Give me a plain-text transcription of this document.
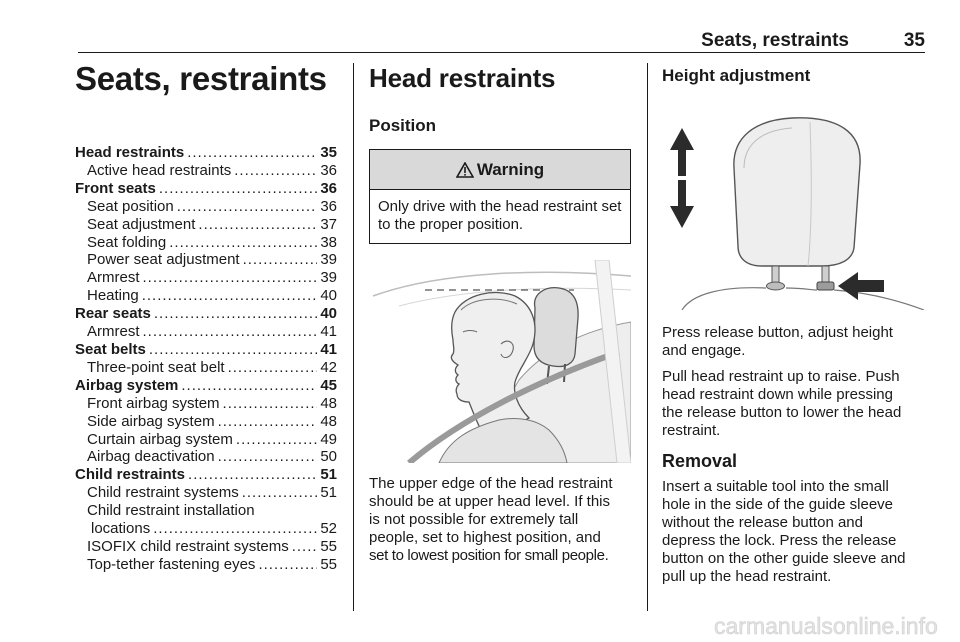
Seats, restraints	35
Seats, restraints
Head restraints .....	35
Active head restraints .....	36
Front seats .....	36
Seat position .....	36
Seat adjustment .....	37
Seat folding .....	38
Power seat adjustment .....	39
Armrest .....	39
Heating .....	40
Rear seats .....	40
Armrest .....	41
Seat belts .....	41
Three-point seat belt .....	42
Airbag system .....	45
Front airbag system .....	48
Side airbag system .....	48
Curtain airbag system .....	49
Airbag deactivation .....	50
Child restraints .....	51
Child restraint systems .....	51
Child restraint installation
locations .....	52
ISOFIX child restraint systems ..... 55
Top-tether fastening eyes .....	55
Head restraints
Position
Warning
Only drive with the head restraint set to the proper position.

The upper edge of the head restraint
should be at upper head level. If this
is not possible for extremely tall
people, set to highest position, and
set to lowest position for small people.

Height adjustment

Press release button, adjust height
and engage.

Pull head restraint up to raise. Push
head restraint down while pressing
the release button to lower the head
restraint.

Removal

Insert a suitable tool into the small
hole in the side of the guide sleeve
without the release button and
depress the lock. Press the release
button on the other guide sleeve and
pull up the head restraint.

carmanualsonline.info
